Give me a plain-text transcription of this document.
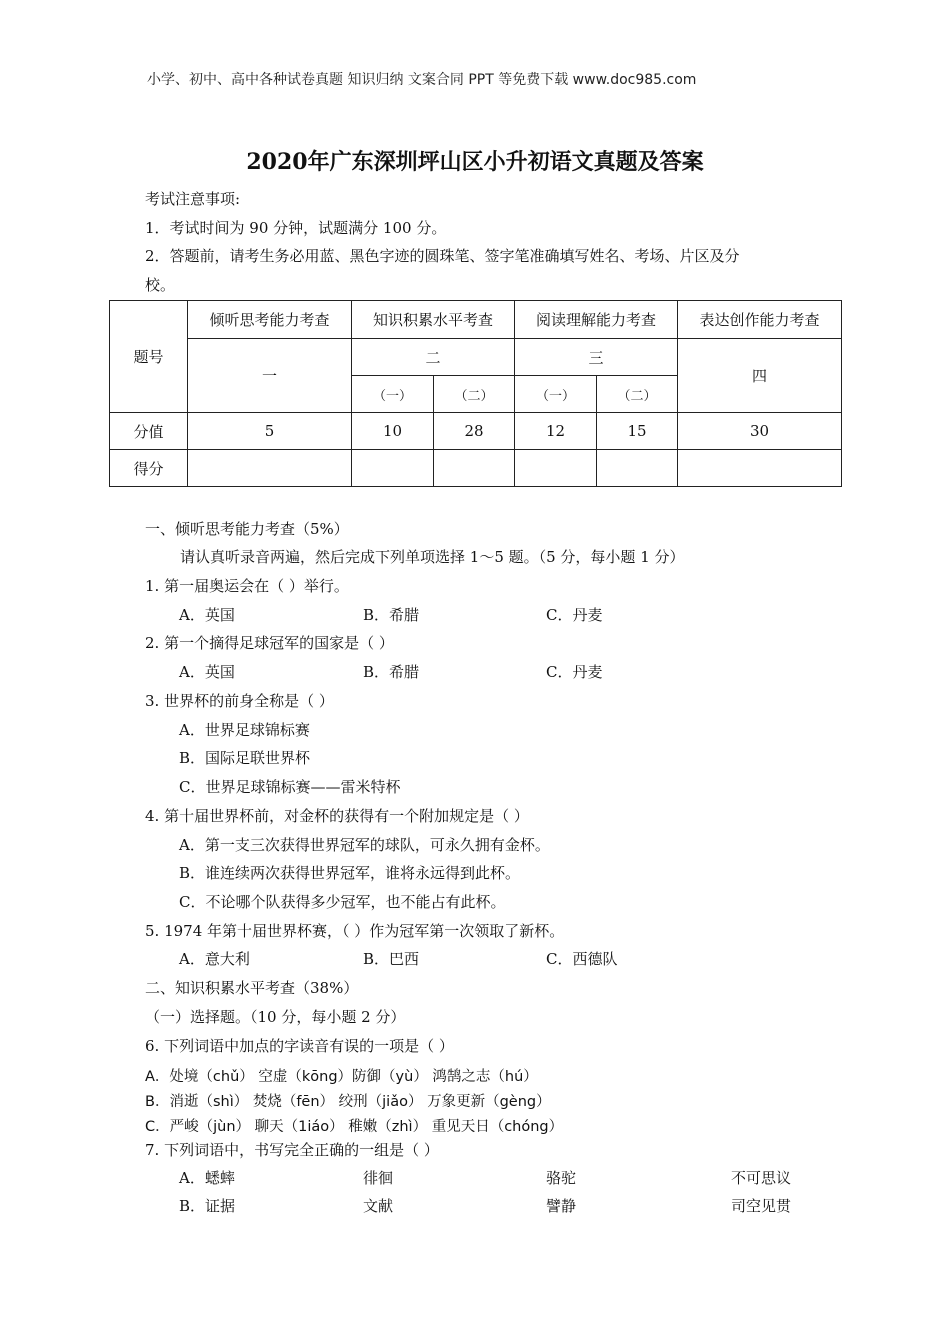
小学、初中、高中各种试卷真题 知识归纳 文案合同 PPT 等免费下载 www.doc985.com
2020年广东深圳坪山区小升初语文真题及答案
考试注意事项:
1．考试时间为 90 分钟，试题满分 100 分。
2．答题前，请考生务必用蓝、黑色字迹的圆珠笔、签字笔准确填写姓名、考场、片区及分
校。
题号	倾听思考能力考查	知识积累水平考查		阅读理解能力考查		表达创作能力考查
	一	二		三		四
		（一）	（二）	（一）	（二）	
分值	5	10	28	12	15	30
得分						
一、倾听思考能力考查（5%）
请认真听录音两遍，然后完成下列单项选择 1～5 题。（5 分，每小题 1 分）
1. 第一届奥运会在（ ）举行。
A．英国	B．希腊	C．丹麦
2. 第一个摘得足球冠军的国家是（ ）
A．英国	B．希腊	C．丹麦
3. 世界杯的前身全称是（ ）
A．世界足球锦标赛
B．国际足联世界杯
C．世界足球锦标赛——雷米特杯
4. 第十届世界杯前，对金杯的获得有一个附加规定是（ ）
A．第一支三次获得世界冠军的球队，可永久拥有金杯。
B．谁连续两次获得世界冠军，谁将永远得到此杯。
C．不论哪个队获得多少冠军，也不能占有此杯。
5. 1974 年第十届世界杯赛，（ ）作为冠军第一次领取了新杯。
A．意大利	B．巴西	C．西德队
二、知识积累水平考查（38%）
（一）选择题。（10 分，每小题 2 分）
6. 下列词语中加点的字读音有误的一项是（ ）
A．处境（chǔ） 空虚（kōng）防御（yù） 鸿鹄之志（hú）
B．消逝（shì） 焚烧（fēn） 绞刑（jiǎo） 万象更新（gèng）
C．严峻（jùn） 聊天（1iáo） 稚嫩（zhì） 重见天日（chóng）
7. 下列词语中，书写完全正确的一组是（ ）
A．蟋蟀	徘徊	骆驼	不可思议
B．证据	文献	譬静	司空见贯
